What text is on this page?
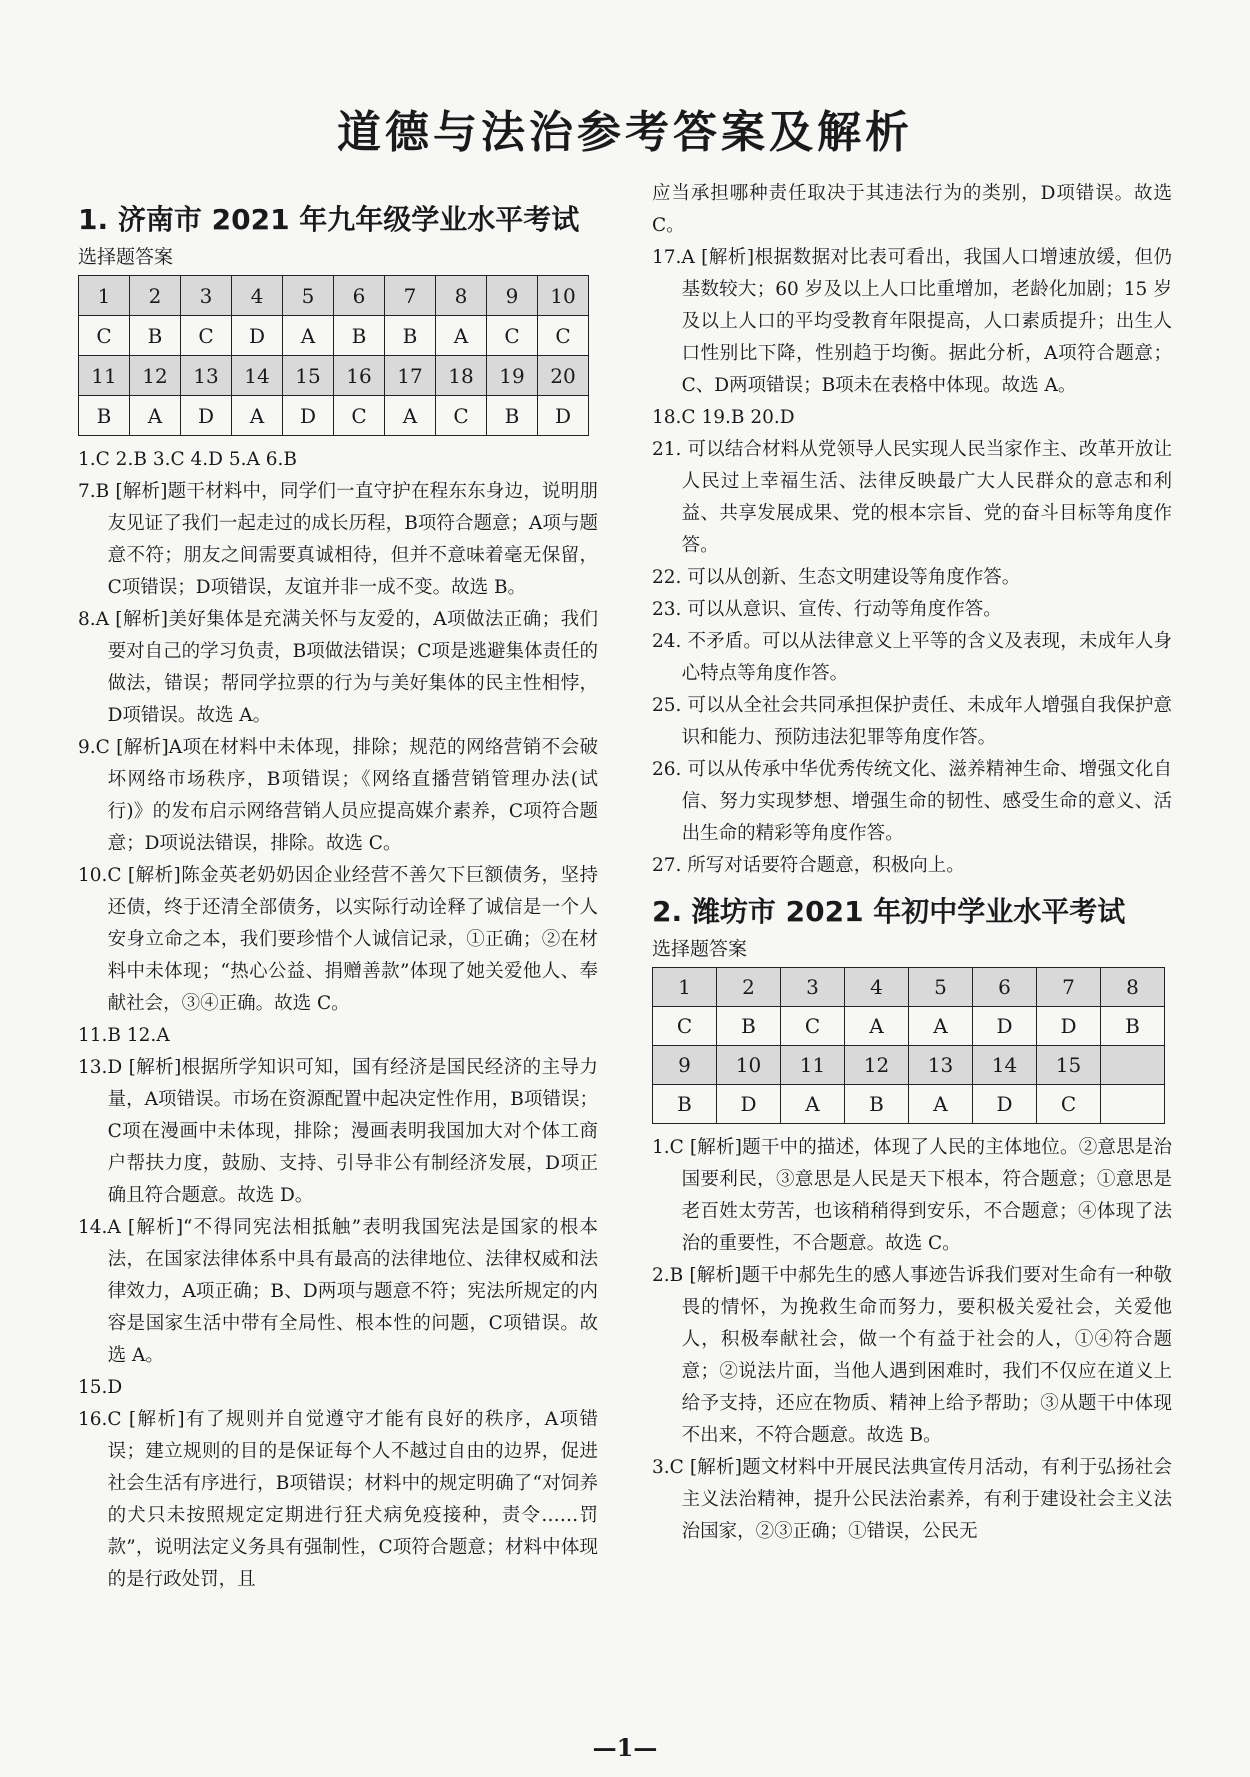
道德与法治参考答案及解析
1. 济南市 2021 年九年级学业水平考试
选择题答案
1	2	3	4	5	6	7	8	9	10
C	B	C	D	A	B	B	A	C	C
11	12	13	14	15	16	17	18	19	20
B	A	D	A	D	C	A	C	B	D

1.C 2.B 3.C 4.D 5.A 6.B

7.B [解析]题干材料中，同学们一直守护在程东东身边，说明朋友见证了我们一起走过的成长历程，B项符合题意；A项与题意不符；朋友之间需要真诚相待，但并不意味着毫无保留，C项错误；D项错误，友谊并非一成不变。故选 B。

8.A [解析]美好集体是充满关怀与友爱的，A项做法正确；我们要对自己的学习负责，B项做法错误；C项是逃避集体责任的做法，错误；帮同学拉票的行为与美好集体的民主性相悖，D项错误。故选 A。

9.C [解析]A项在材料中未体现，排除；规范的网络营销不会破坏网络市场秩序，B项错误；《网络直播营销管理办法(试行)》的发布启示网络营销人员应提高媒介素养，C项符合题意；D项说法错误，排除。故选 C。

10.C [解析]陈金英老奶奶因企业经营不善欠下巨额债务，坚持还债，终于还清全部债务，以实际行动诠释了诚信是一个人安身立命之本，我们要珍惜个人诚信记录，①正确；②在材料中未体现；“热心公益、捐赠善款”体现了她关爱他人、奉献社会，③④正确。故选 C。

11.B 12.A

13.D [解析]根据所学知识可知，国有经济是国民经济的主导力量，A项错误。市场在资源配置中起决定性作用，B项错误；C项在漫画中未体现，排除；漫画表明我国加大对个体工商户帮扶力度，鼓励、支持、引导非公有制经济发展，D项正确且符合题意。故选 D。

14.A [解析]“不得同宪法相抵触”表明我国宪法是国家的根本法，在国家法律体系中具有最高的法律地位、法律权威和法律效力，A项正确；B、D两项与题意不符；宪法所规定的内容是国家生活中带有全局性、根本性的问题，C项错误。故选 A。

15.D

16.C [解析]有了规则并自觉遵守才能有良好的秩序，A项错误；建立规则的目的是保证每个人不越过自由的边界，促进社会生活有序进行，B项错误；材料中的规定明确了“对饲养的犬只未按照规定定期进行狂犬病免疫接种，责令……罚款”，说明法定义务具有强制性，C项符合题意；材料中体现的是行政处罚，且

应当承担哪种责任取决于其违法行为的类别，D项错误。故选 C。

17.A [解析]根据数据对比表可看出，我国人口增速放缓，但仍基数较大；60 岁及以上人口比重增加，老龄化加剧；15 岁及以上人口的平均受教育年限提高，人口素质提升；出生人口性别比下降，性别趋于均衡。据此分析，A项符合题意；C、D两项错误；B项未在表格中体现。故选 A。

18.C 19.B 20.D

21. 可以结合材料从党领导人民实现人民当家作主、改革开放让人民过上幸福生活、法律反映最广大人民群众的意志和利益、共享发展成果、党的根本宗旨、党的奋斗目标等角度作答。

22. 可以从创新、生态文明建设等角度作答。

23. 可以从意识、宣传、行动等角度作答。

24. 不矛盾。可以从法律意义上平等的含义及表现，未成年人身心特点等角度作答。

25. 可以从全社会共同承担保护责任、未成年人增强自我保护意识和能力、预防违法犯罪等角度作答。

26. 可以从传承中华优秀传统文化、滋养精神生命、增强文化自信、努力实现梦想、增强生命的韧性、感受生命的意义、活出生命的精彩等角度作答。

27. 所写对话要符合题意，积极向上。

2. 潍坊市 2021 年初中学业水平考试
选择题答案
1	2	3	4	5	6	7	8
C	B	C	A	A	D	D	B
9	10	11	12	13	14	15	
B	D	A	B	A	D	C	

1.C [解析]题干中的描述，体现了人民的主体地位。②意思是治国要利民，③意思是人民是天下根本，符合题意；①意思是老百姓太劳苦，也该稍稍得到安乐，不合题意；④体现了法治的重要性，不合题意。故选 C。

2.B [解析]题干中郝先生的感人事迹告诉我们要对生命有一种敬畏的情怀，为挽救生命而努力，要积极关爱社会，关爱他人，积极奉献社会，做一个有益于社会的人，①④符合题意；②说法片面，当他人遇到困难时，我们不仅应在道义上给予支持，还应在物质、精神上给予帮助；③从题干中体现不出来，不符合题意。故选 B。

3.C [解析]题文材料中开展民法典宣传月活动，有利于弘扬社会主义法治精神，提升公民法治素养，有利于建设社会主义法治国家，②③正确；①错误，公民无

— 1 —
